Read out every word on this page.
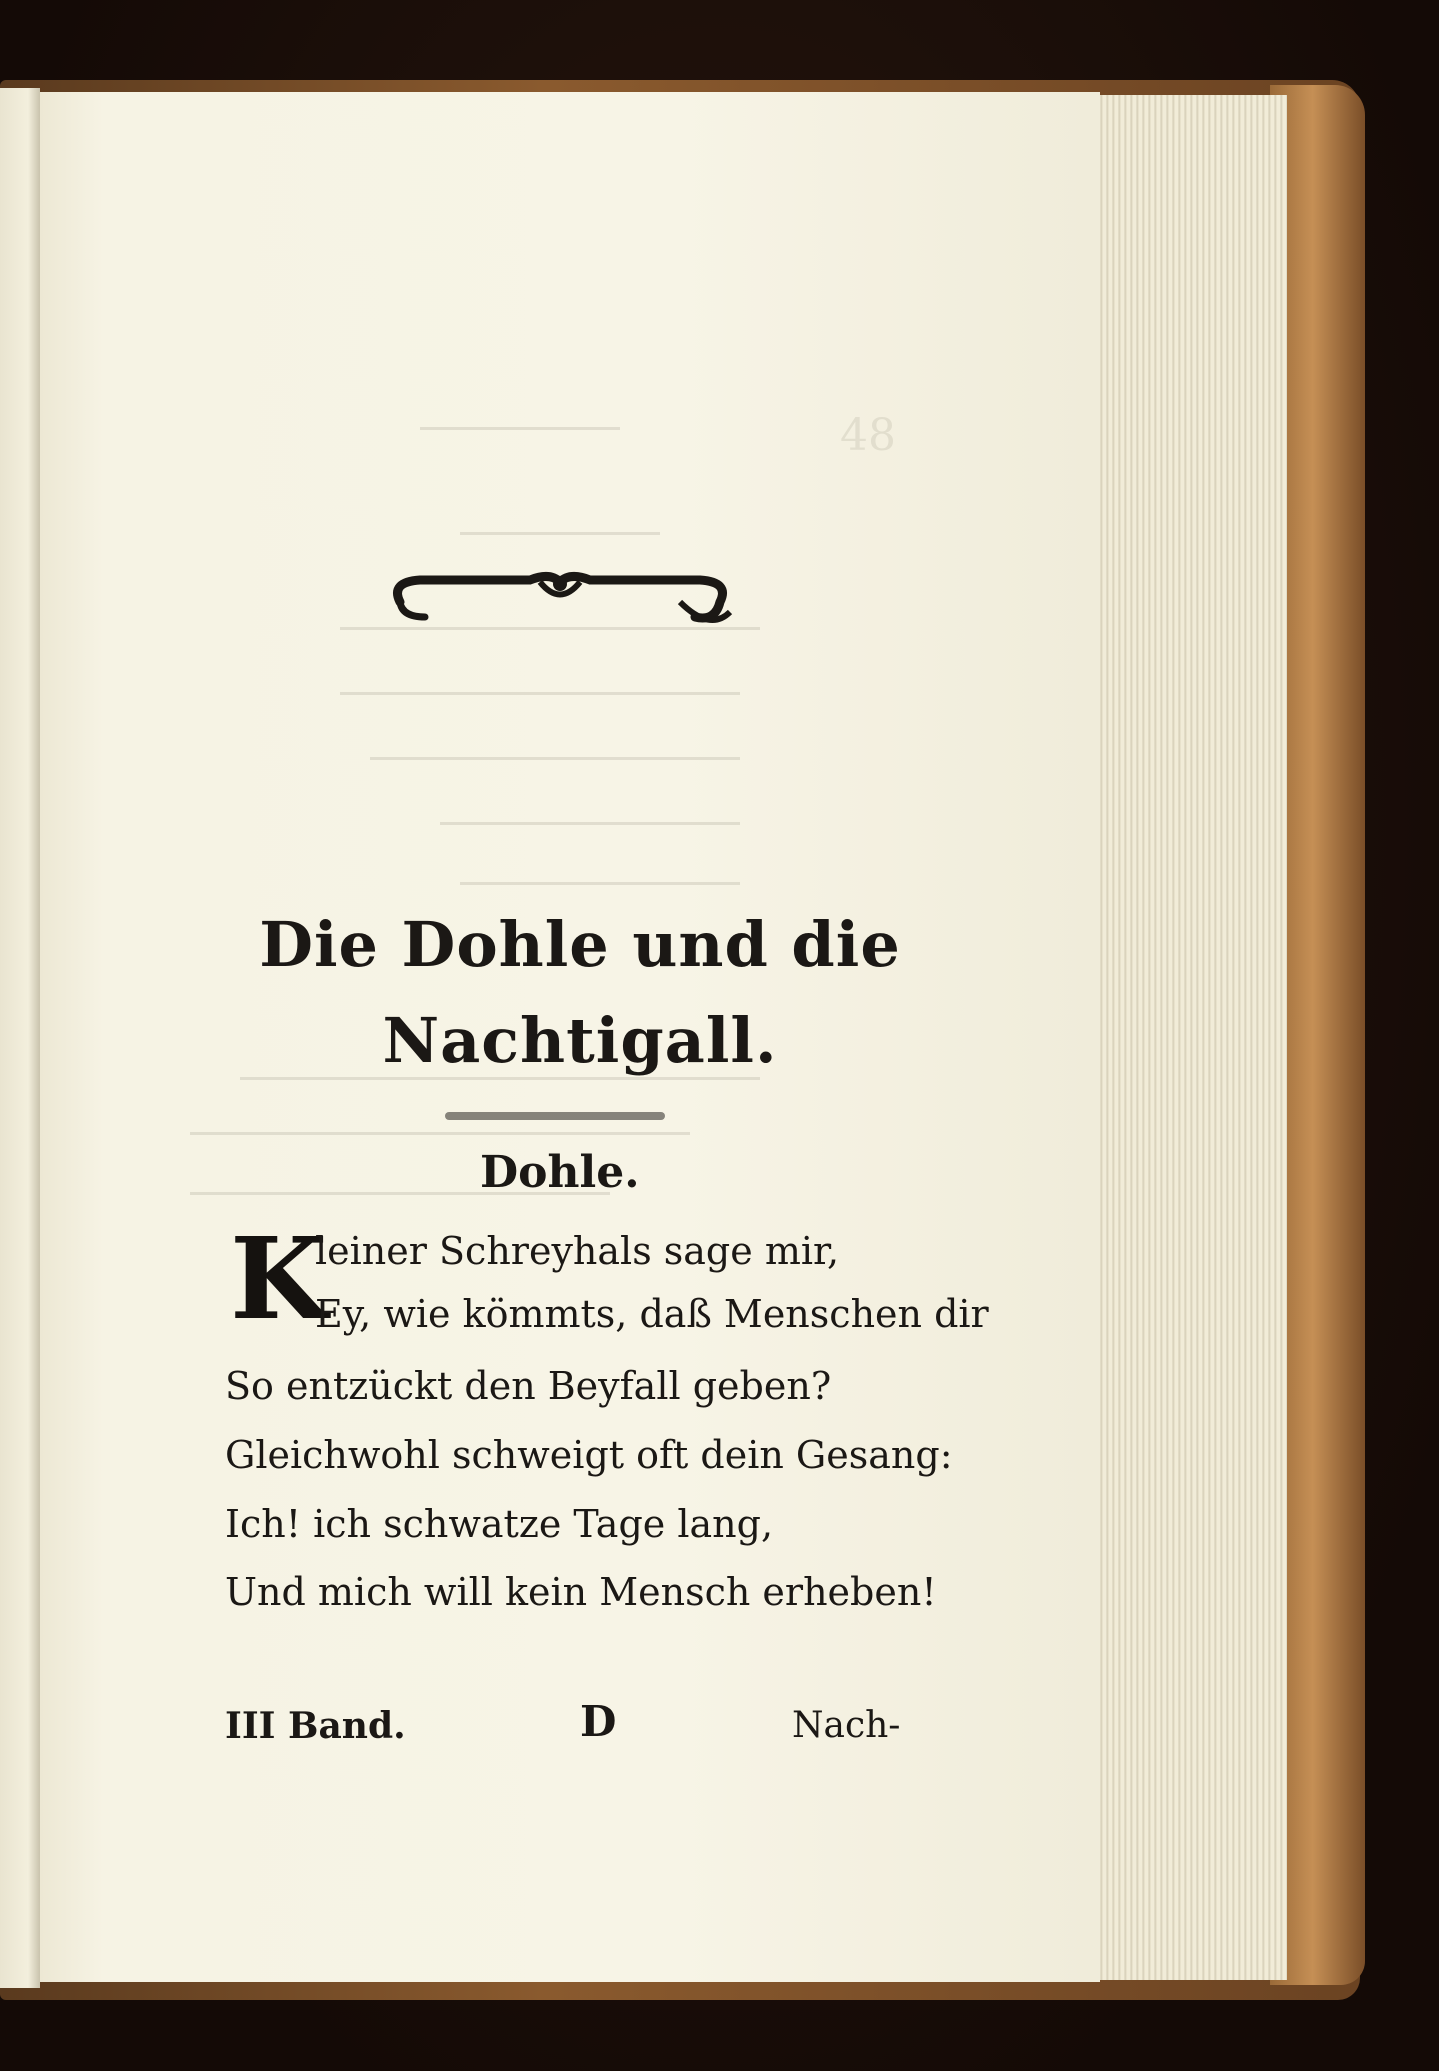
48
Die Dohle und die Nachtigall.
Dohle.
K
leiner Schreyhals sage mir,
Ey, wie kömmts, daß Menschen dir
So entzückt den Beyfall geben?
Gleichwohl schweigt oft dein Gesang:
Ich! ich schwatze Tage lang,
Und mich will kein Mensch erheben!
III Band.	D	Nach-
